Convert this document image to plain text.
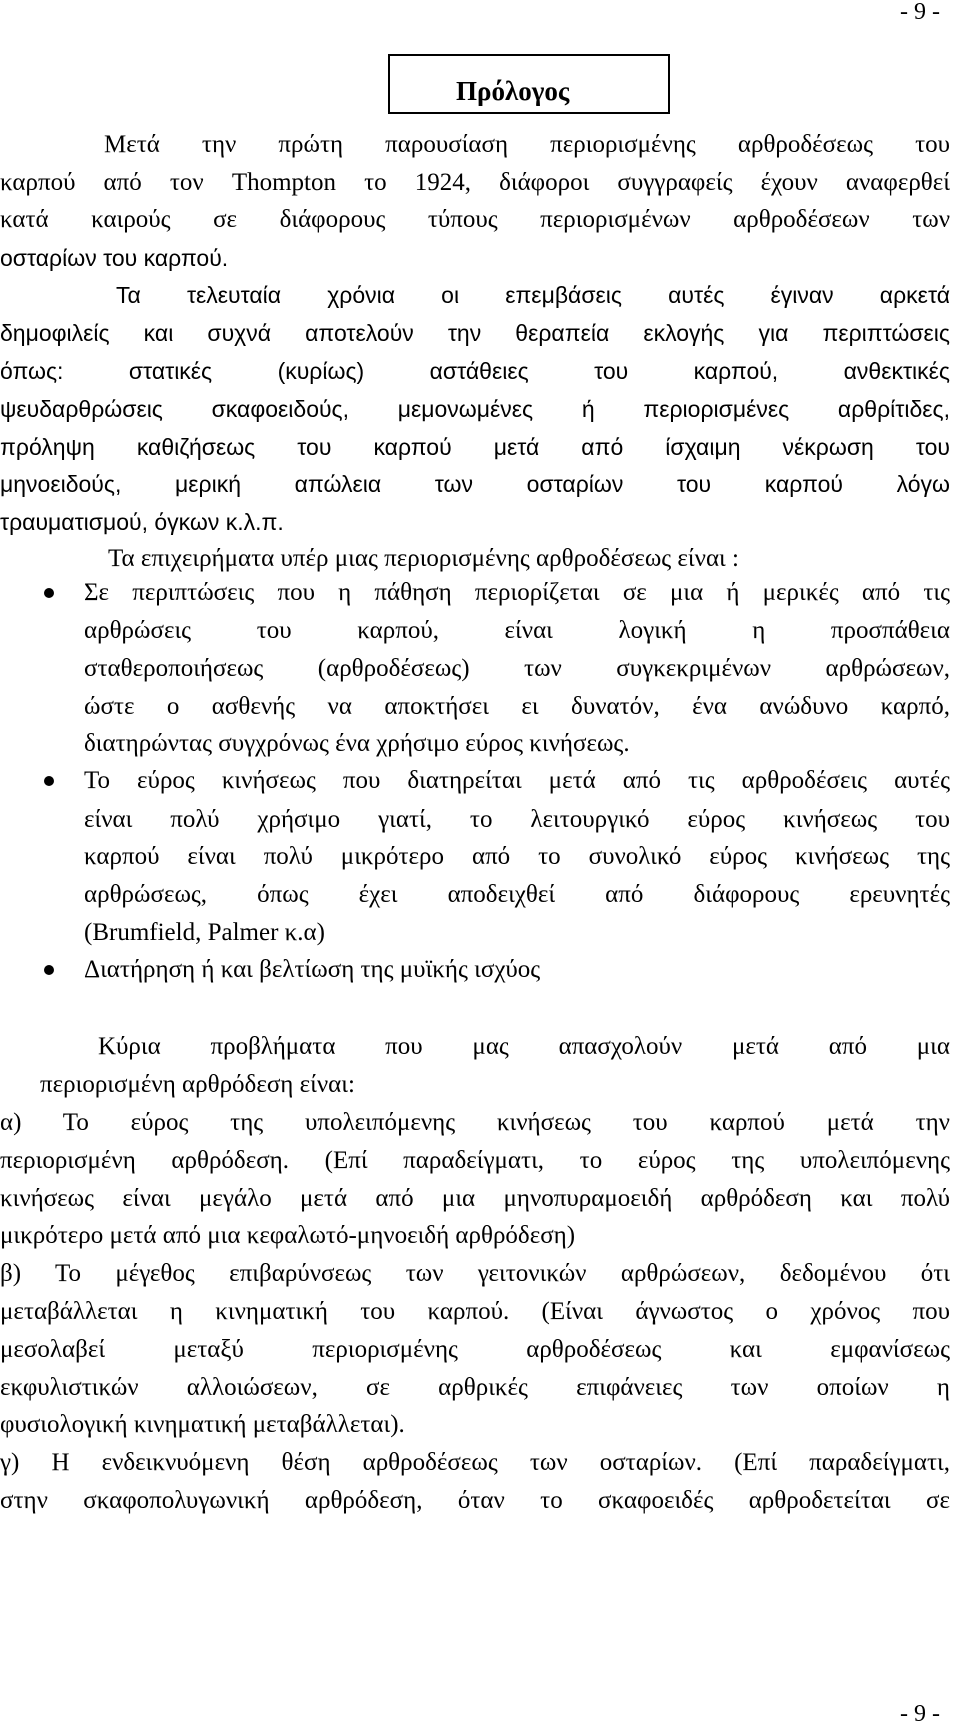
- 9 -
Πρόλογος
Μετά την πρώτη παρουσίαση περιορισμένης αρθροδέσεως του
καρπού από τον Thompton το 1924, διάφοροι συγγραφείς έχουν αναφερθεί
κατά καιρούς σε διάφορους τύπους περιορισμένων αρθροδέσεων των
οσταρίων του καρπού.
Τα τελευταία χρόνια οι επεμβάσεις αυτές έγιναν αρκετά
δημοφιλείς και συχνά αποτελούν την θεραπεία εκλογής για περιπτώσεις
όπως: στατικές (κυρίως) αστάθειες του καρπού, ανθεκτικές
ψευδαρθρώσεις σκαφοειδούς, μεμονωμένες ή περιορισμένες αρθρίτιδες,
πρόληψη καθιζήσεως του καρπού μετά από ίσχαιμη νέκρωση του
μηνοειδούς, μερική απώλεια των οσταρίων του καρπού λόγω
τραυματισμού, όγκων κ.λ.π.
Τα επιχειρήματα υπέρ μιας περιορισμένης αρθροδέσεως είναι :
Σε περιπτώσεις που η πάθηση περιορίζεται σε μια ή μερικές από τις
αρθρώσεις του καρπού, είναι λογική η προσπάθεια
σταθεροποιήσεως (αρθροδέσεως) των συγκεκριμένων αρθρώσεων,
ώστε ο ασθενής να αποκτήσει ει δυνατόν, ένα ανώδυνο καρπό,
διατηρώντας συγχρόνως ένα χρήσιμο εύρος κινήσεως.
Το εύρος κινήσεως που διατηρείται μετά από τις αρθροδέσεις αυτές
είναι πολύ χρήσιμο γιατί, το λειτουργικό εύρος κινήσεως του
καρπού είναι πολύ μικρότερο από το συνολικό εύρος κινήσεως της
αρθρώσεως, όπως έχει αποδειχθεί από διάφορους ερευνητές
(Brumfield, Palmer κ.α)
Διατήρηση ή και βελτίωση της μυϊκής ισχύος
Κύρια προβλήματα που μας απασχολούν μετά από μια
περιορισμένη αρθρόδεση είναι:
α) Το εύρος της υπολειπόμενης κινήσεως του καρπού μετά την
περιορισμένη αρθρόδεση. (Επί παραδείγματι, το εύρος της υπολειπόμενης
κινήσεως είναι μεγάλο μετά από μια μηνοπυραμοειδή αρθρόδεση και πολύ
μικρότερο μετά από μια κεφαλωτό-μηνοειδή αρθρόδεση)
β) Το μέγεθος επιβαρύνσεως των γειτονικών αρθρώσεων, δεδομένου ότι
μεταβάλλεται η κινηματική του καρπού. (Είναι άγνωστος ο χρόνος που
μεσολαβεί μεταξύ περιορισμένης αρθροδέσεως και εμφανίσεως
εκφυλιστικών αλλοιώσεων, σε αρθρικές επιφάνειες των οποίων η
φυσιολογική κινηματική μεταβάλλεται).
γ) Η ενδεικνυόμενη θέση αρθροδέσεως των οσταρίων. (Επί παραδείγματι,
στην σκαφοπολυγωνική αρθρόδεση, όταν το σκαφοειδές αρθροδετείται σε
- 9 -
